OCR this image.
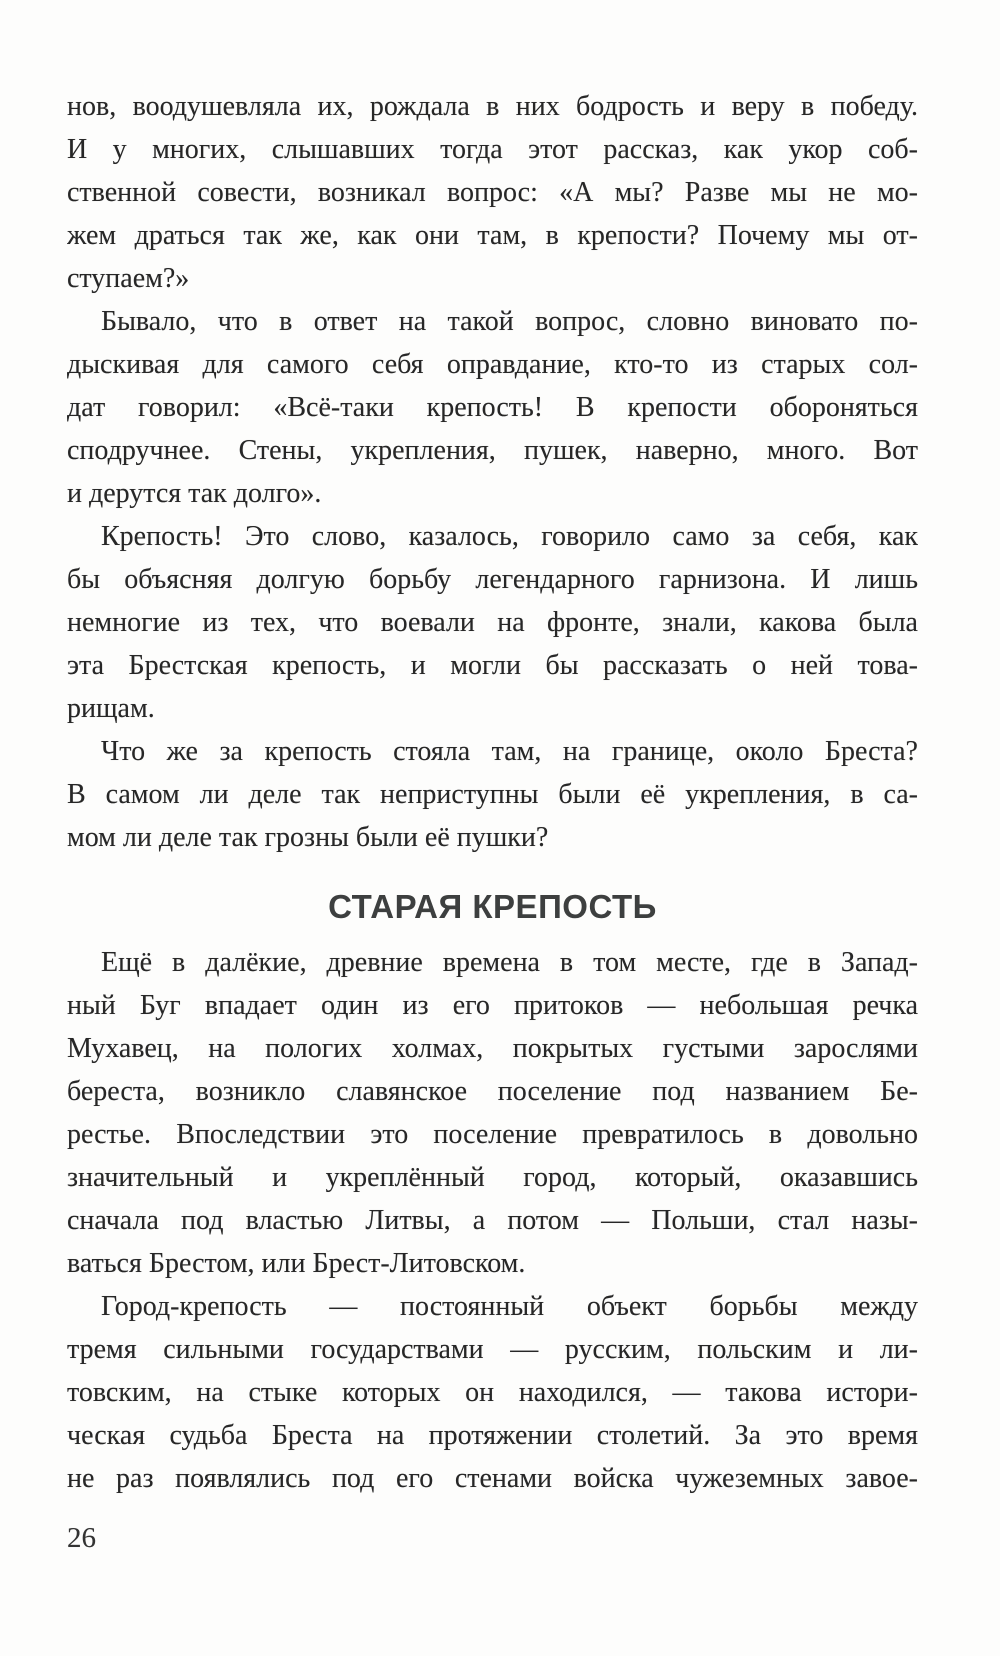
нов, воодушевляла их, рождала в них бодрость и веру в победу.
И у многих, слышавших тогда этот рассказ, как укор соб-
ственной совести, возникал вопрос: «А мы? Разве мы не мо-
жем драться так же, как они там, в крепости? Почему мы от-
ступаем?»
Бывало, что в ответ на такой вопрос, словно виновато по-
дыскивая для самого себя оправдание, кто-то из старых сол-
дат говорил: «Всё-таки крепость! В крепости обороняться
сподручнее. Стены, укрепления, пушек, наверно, много. Вот
и дерутся так долго».
Крепость! Это слово, казалось, говорило само за себя, как
бы объясняя долгую борьбу легендарного гарнизона. И лишь
немногие из тех, что воевали на фронте, знали, какова была
эта Брестская крепость, и могли бы рассказать о ней това-
рищам.
Что же за крепость стояла там, на границе, около Бреста?
В самом ли деле так неприступны были её укрепления, в са-
мом ли деле так грозны были её пушки?
СТАРАЯ КРЕПОСТЬ
Ещё в далёкие, древние времена в том месте, где в Запад-
ный Буг впадает один из его притоков — небольшая речка
Мухавец, на пологих холмах, покрытых густыми зарослями
береста, возникло славянское поселение под названием Бе-
рестье. Впоследствии это поселение превратилось в довольно
значительный и укреплённый город, который, оказавшись
сначала под властью Литвы, а потом — Польши, стал назы-
ваться Брестом, или Брест-Литовском.
Город-крепость — постоянный объект борьбы между
тремя сильными государствами — русским, польским и ли-
товским, на стыке которых он находился, — такова истори-
ческая судьба Бреста на протяжении столетий. За это время
не раз появлялись под его стенами войска чужеземных завое-
26
